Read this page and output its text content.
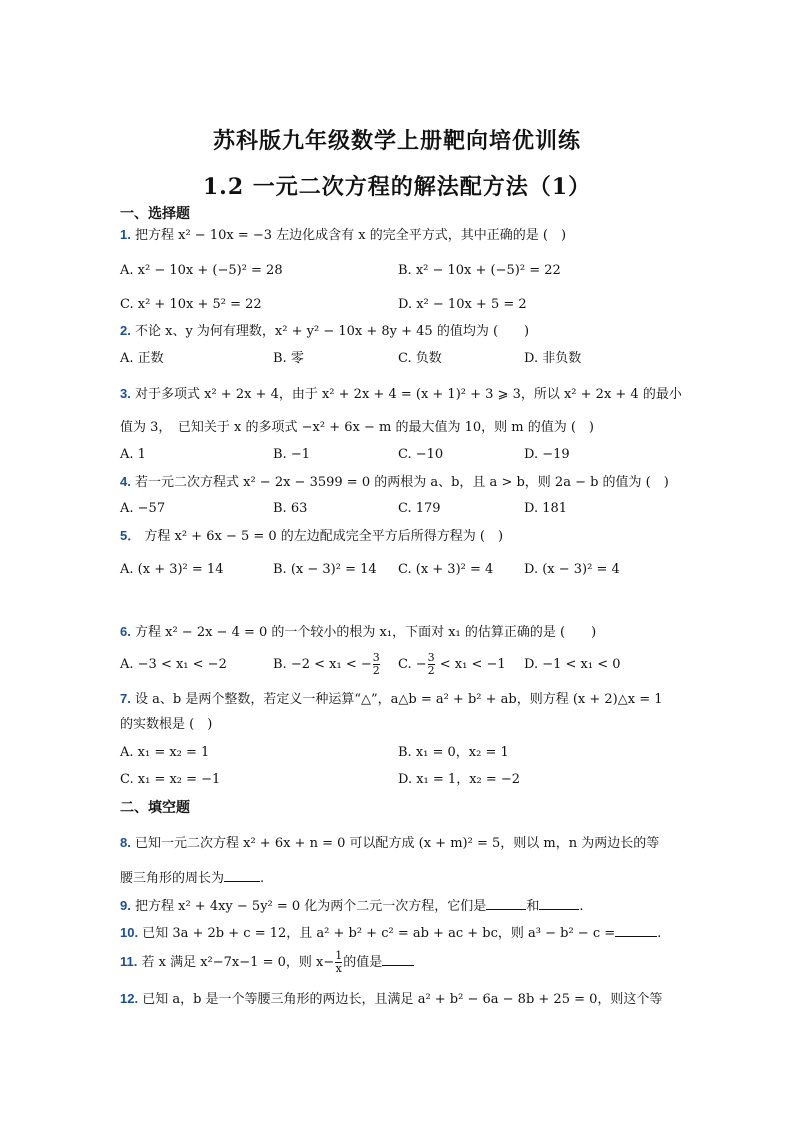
苏科版九年级数学上册靶向培优训练
1.2 一元二次方程的解法配方法（1）
一、选择题
1. 把方程 x² − 10x = −3 左边化成含有 x 的完全平方式，其中正确的是 (　)
A. x² − 10x + (−5)² = 28	B. x² − 10x + (−5)² = 22
C. x² + 10x + 5² = 22	D. x² − 10x + 5 = 2
2. 不论 x、y 为何有理数，x² + y² − 10x + 8y + 45 的值均为 (　　)
A. 正数	B. 零	C. 负数	D. 非负数
3. 对于多项式 x² + 2x + 4，由于 x² + 2x + 4 = (x + 1)² + 3 ⩾ 3，所以 x² + 2x + 4 的最小
值为 3，　已知关于 x 的多项式 −x² + 6x − m 的最大值为 10，则 m 的值为 (　)
A. 1	B. −1	C. −10	D. −19
4. 若一元二次方程式 x² − 2x − 3599 = 0 的两根为 a、b，且 a > b，则 2a − b 的值为 (　)
A. −57	B. 63	C. 179	D. 181
5． 方程 x² + 6x − 5 = 0 的左边配成完全平方后所得方程为 (　)
A. (x + 3)² = 14	B. (x − 3)² = 14 C. (x + 3)² = 4 D. (x − 3)² = 4
6. 方程 x² − 2x − 4 = 0 的一个较小的根为 x₁，下面对 x₁ 的估算正确的是 (　　)
A. −3 < x₁ < −2	B. −2 < x₁ < − $\frac{3}{2} C$. − $\frac{3}{2} < x_1 < -1$ D. −1 < x₁ < 0
7. 设 a、b 是两个整数，若定义一种运算“△”，a△b = a² + b² + ab，则方程 (x + 2)△x = 1
的实数根是 (　)
A. x₁ = x₂ = 1	B. x₁ = 0，x₂ = 1
C. x₁ = x₂ = −1	D. x₁ = 1，x₂ = −2
二、填空题
8. 已知一元二次方程 x² + 6x + n = 0 可以配方成 (x + m)² = 5，则以 m，n 为两边长的等
腰三角形的周长为	.
9. 把方程 x² + 4xy − 5y² = 0 化为两个二元一次方程，它们是	和	.
10. 已知 3a + 2b + c = 12，且 a² + b² + c² = ab + ac + bc，则 a³ − b² − c =	.
11. 若 x 满足 x²−7x−1 = 0，则 $x- \frac{1}{x}$ 的值是
12. 已知 a，b 是一个等腰三角形的两边长，且满足 a² + b² − 6a − 8b + 25 = 0，则这个等
